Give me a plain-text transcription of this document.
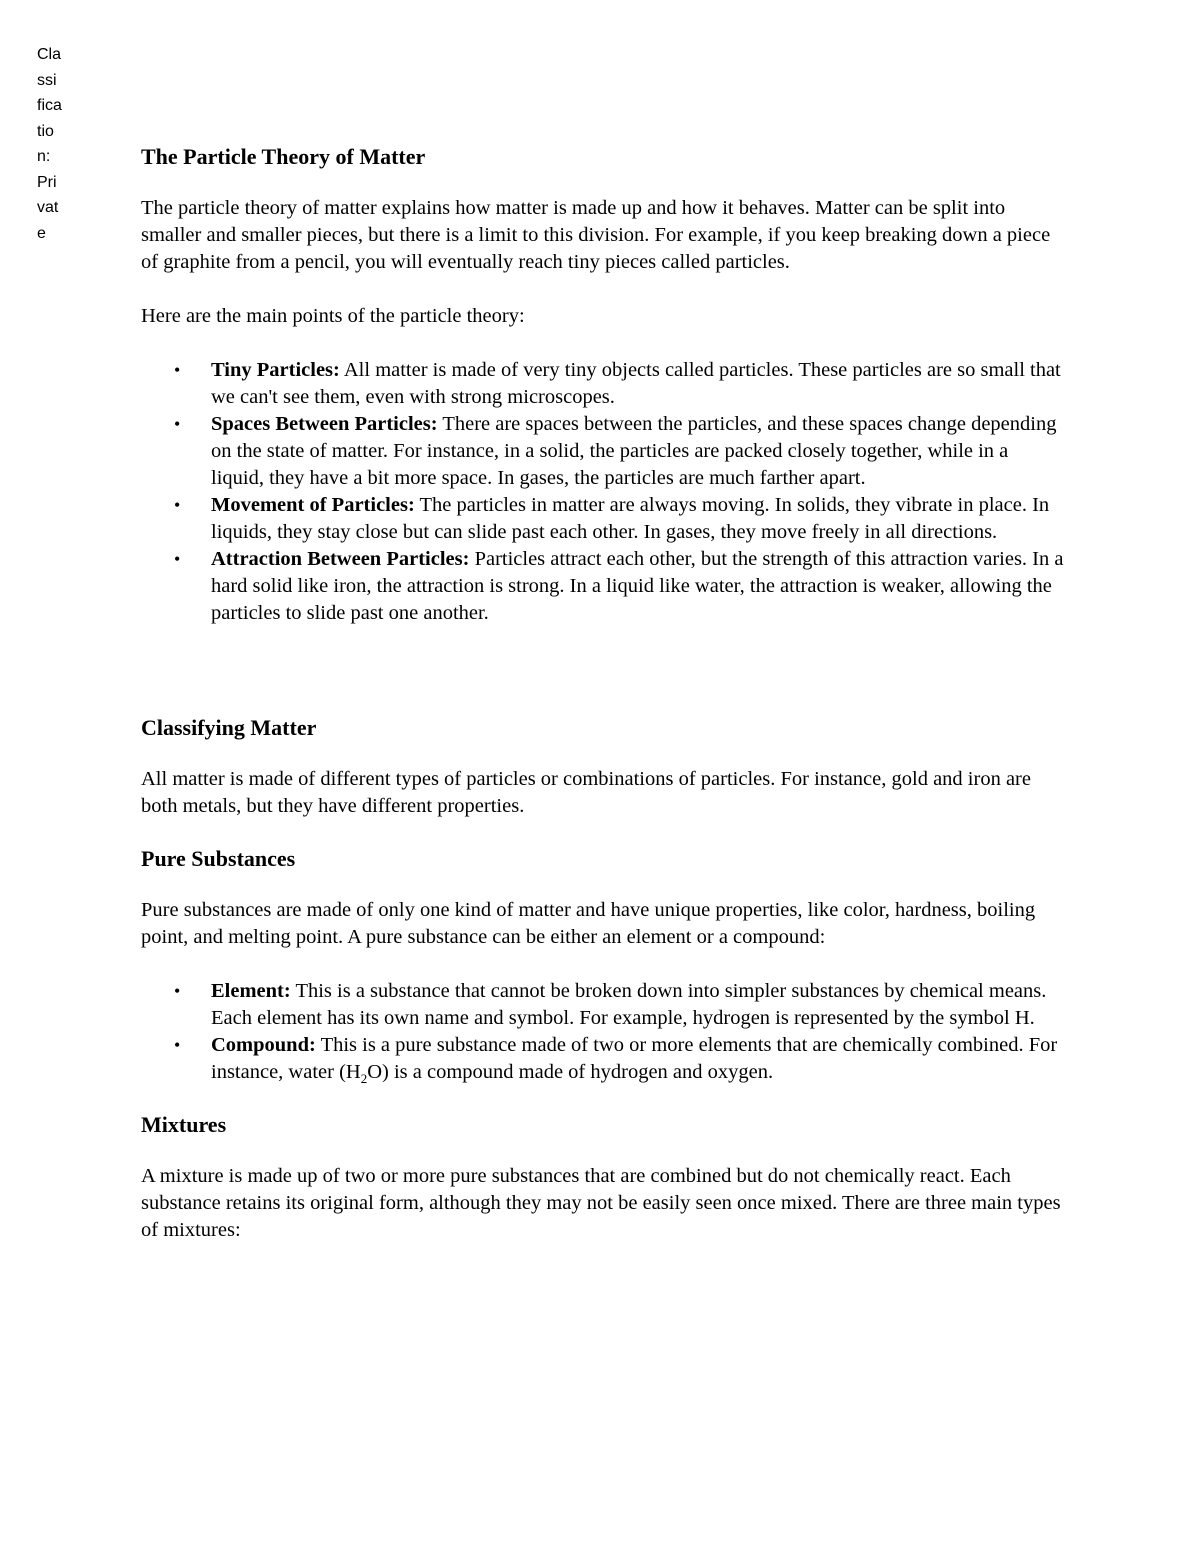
Cla
ssi
fica
tio
n:
Pri
vat
e
The Particle Theory of Matter

The particle theory of matter explains how matter is made up and how it behaves. Matter can be split into smaller and smaller pieces, but there is a limit to this division. For example, if you keep breaking down a piece of graphite from a pencil, you will eventually reach tiny pieces called particles.

Here are the main points of the particle theory:

• Tiny Particles: All matter is made of very tiny objects called particles. These particles are so small that we can't see them, even with strong microscopes.
• Spaces Between Particles: There are spaces between the particles, and these spaces change depending on the state of matter. For instance, in a solid, the particles are packed closely together, while in a liquid, they have a bit more space. In gases, the particles are much farther apart.
• Movement of Particles: The particles in matter are always moving. In solids, they vibrate in place. In liquids, they stay close but can slide past each other. In gases, they move freely in all directions.
• Attraction Between Particles: Particles attract each other, but the strength of this attraction varies. In a hard solid like iron, the attraction is strong. In a liquid like water, the attraction is weaker, allowing the particles to slide past one another.
Classifying Matter

All matter is made of different types of particles or combinations of particles. For instance, gold and iron are both metals, but they have different properties.

Pure Substances

Pure substances are made of only one kind of matter and have unique properties, like color, hardness, boiling point, and melting point. A pure substance can be either an element or a compound:

• Element: This is a substance that cannot be broken down into simpler substances by chemical means. Each element has its own name and symbol. For example, hydrogen is represented by the symbol H.
• Compound: This is a pure substance made of two or more elements that are chemically combined. For instance, water $(H_2O)$ is a compound made of hydrogen and oxygen.
Mixtures

A mixture is made up of two or more pure substances that are combined but do not chemically react. Each substance retains its original form, although they may not be easily seen once mixed. There are three main types of mixtures:
